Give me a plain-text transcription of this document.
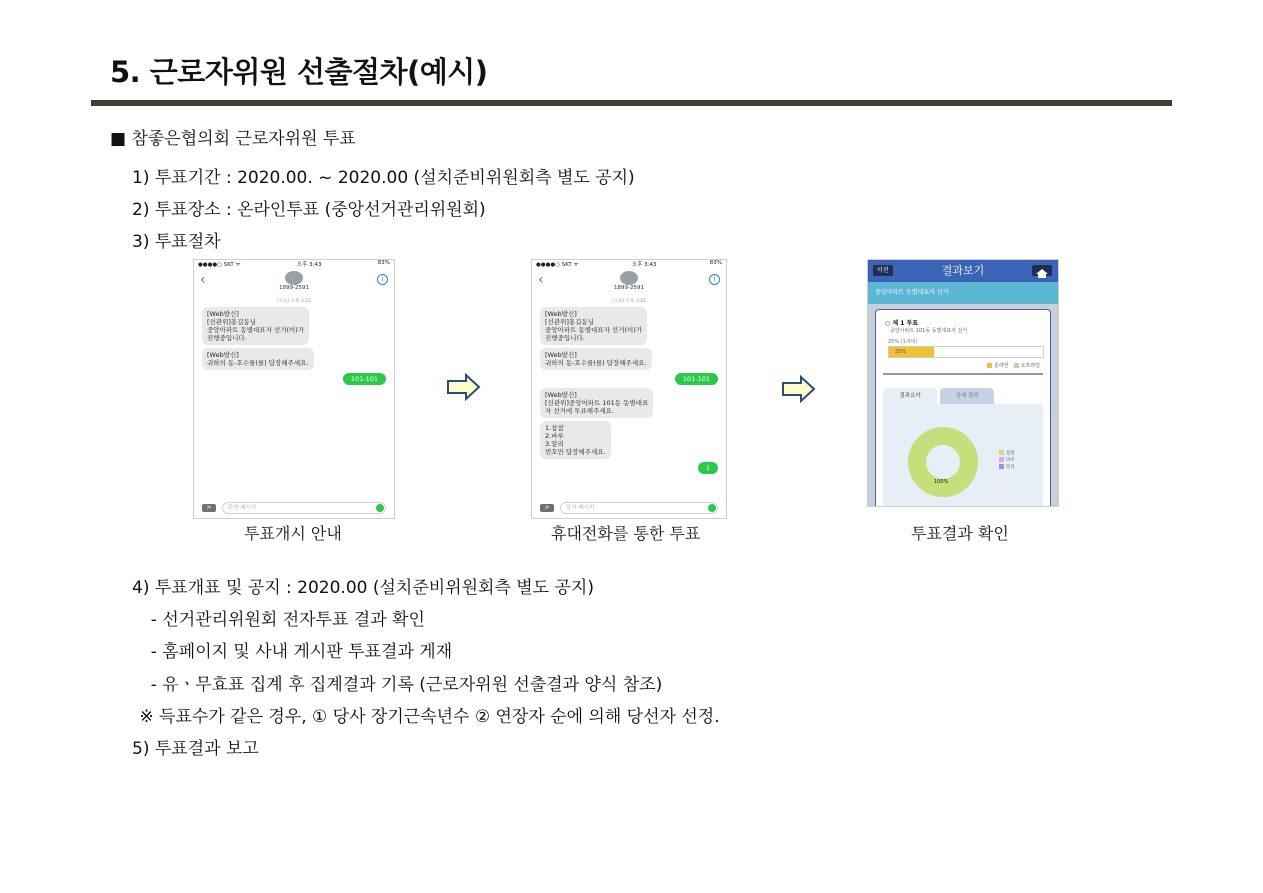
5. 근로자위원 선출절차(예시)
■ 참좋은협의회 근로자위원 투표
1) 투표기간 : 2020.00. ~ 2020.00 (설치준비위원회측 별도 공지)
2) 투표장소 : 온라인투표 (중앙선거관리위원회)
3) 투표절차
●●●●○ SKT ᯤ	오후 3:43	83%
‹	1899-2591
i
(오늘) 오후 3:22
[Web발신]
[선관위]홍길동님
중앙아파트 동별대표자 선거(이)가
진행중입니다.
[Web발신]
귀하의 동-호수를(를) 답장해주세요.
101-101
>	문자 메시지
●●●●○ SKT ᯤ	오후 3:43	83%
‹	1899-2591
i
(오늘) 오후 3:22
[Web발신]
[선관위]홍길동님
중앙아파트 동별대표자 선거(이)가
진행중입니다.
[Web발신]
귀하의 동-호수를(를) 답장해주세요.
101-101
[Web발신]
[선관위]중앙아파트 101동 동별대표
자 선거에 투표해주세요.
1.참참
2.바루
3.알리
번호만 답장해주세요.
1
>	문자 메시지
이전	결과보기
중앙아파트 동별대표자 선거
○ 제 1 투표
중앙아파트 101동 동별대표자 선거
25% (1세대)
25%
온라인	오프라인
결과요약	상세 결과
100%
참참
바루
알리
투표개시 안내	휴대전화를 통한 투표	투표결과 확인
4) 투표개표 및 공지 : 2020.00 (설치준비위원회측 별도 공지)
- 선거관리위원회 전자투표 결과 확인
- 홈페이지 및 사내 게시판 투표결과 게재
- 유ㆍ무효표 집계 후 집계결과 기록 (근로자위원 선출결과 양식 참조)
※ 득표수가 같은 경우, ① 당사 장기근속년수 ② 연장자 순에 의해 당선자 선정.
5) 투표결과 보고
